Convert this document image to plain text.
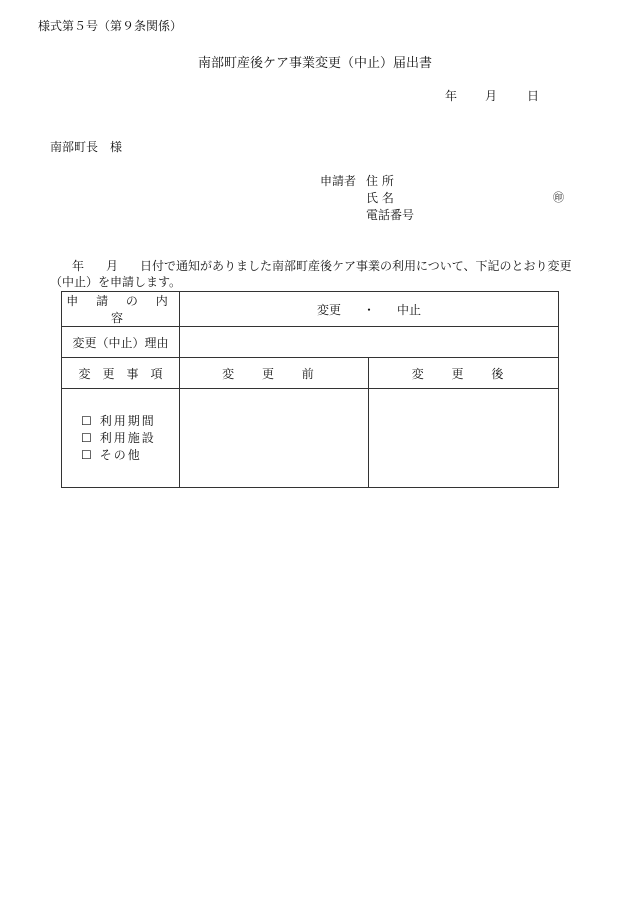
様式第５号（第９条関係）
南部町産後ケア事業変更（中止）届出書
年 月	日
南部町長　様
申請者 住 所
氏 名	㊞
電話番号
年 月 日付で通知がありました南部町産後ケア事業の利用について、下記のとおり変更（中止）を申請します。
申 請 の 内 容	変更 ・ 中止	
変更（中止）理由		
変　更　事　項	変 更 前	変 更 後

☐ 利用期間
☐ 利用施設
☐ その他		
